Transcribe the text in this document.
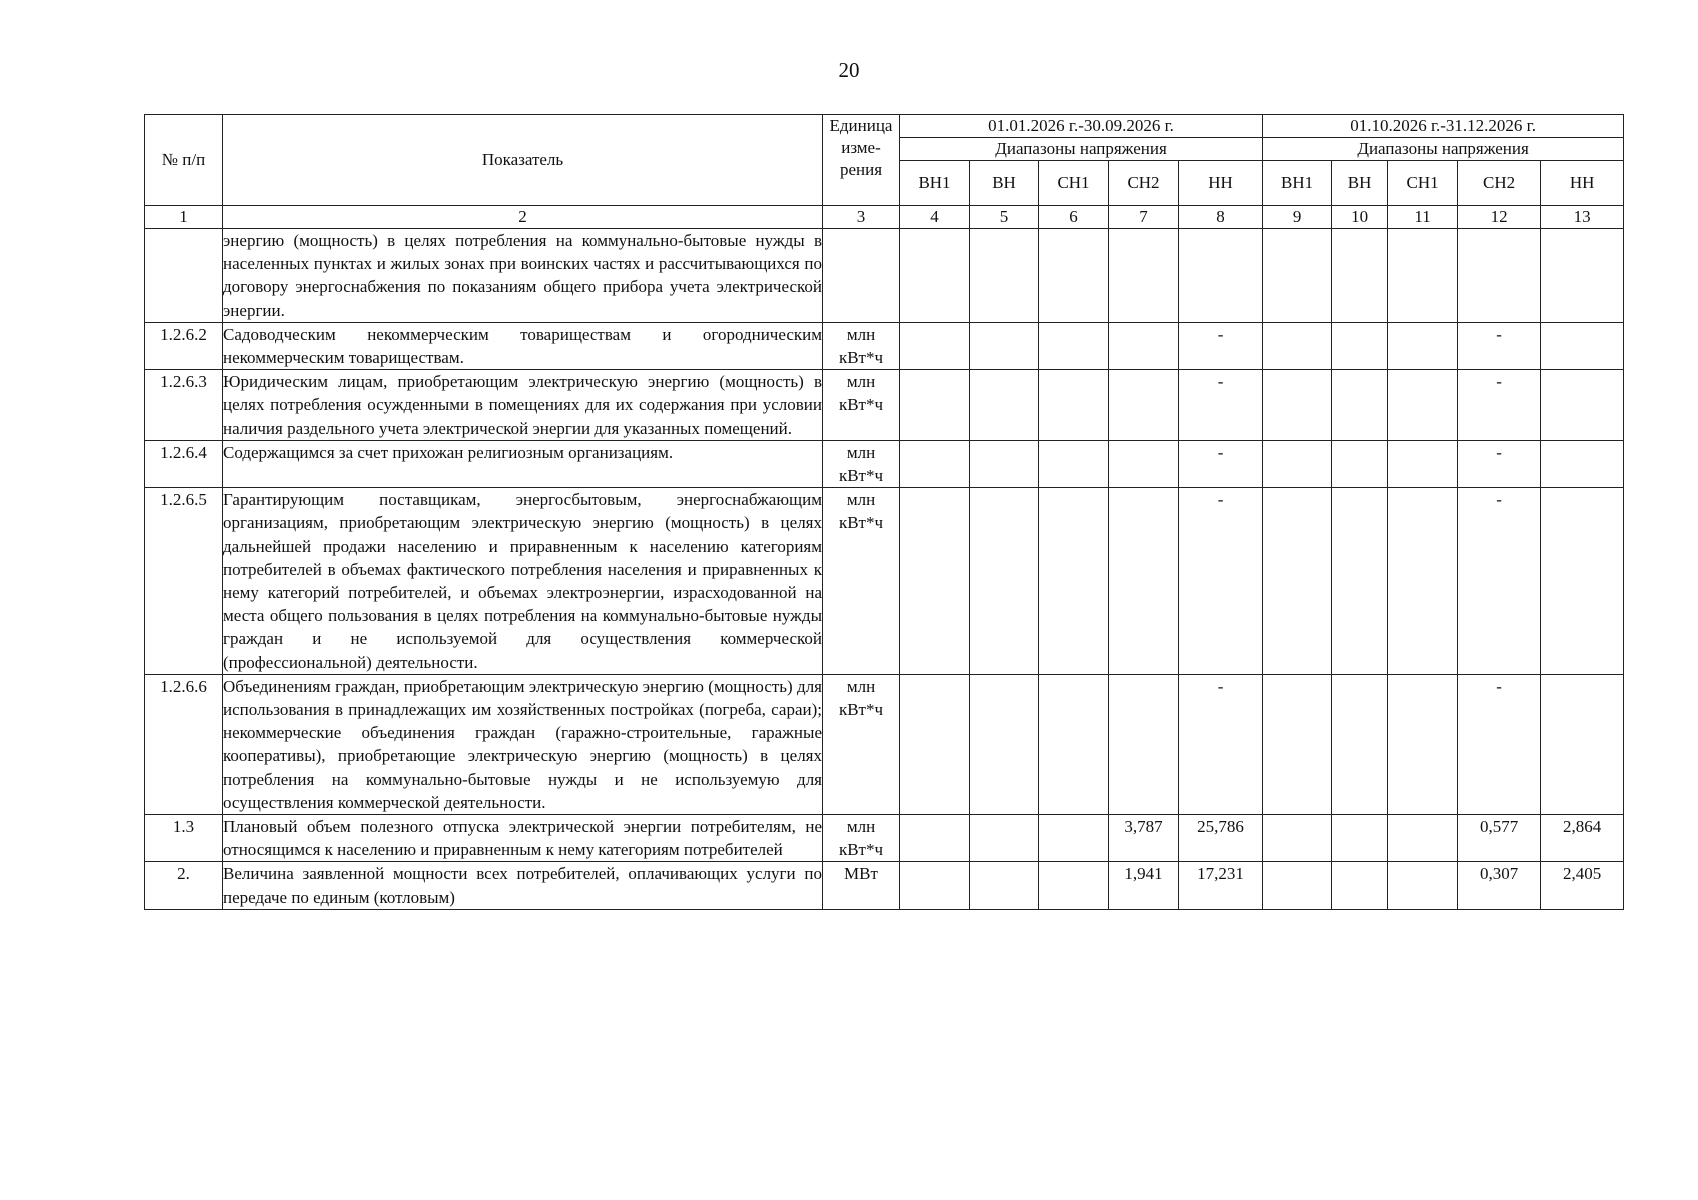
20
№ п/п	Показатель	Единица изме-рения	01.01.2026 г.-30.09.2026 г.					01.10.2026 г.-31.12.2026 г.				
			Диапазоны напряжения					Диапазоны напряжения				
			ВН1	ВН	СН1	СН2	НН	ВН1	ВН	СН1	СН2	НН
1	2	3	4	5	6	7	8	9	10	11	12	13
	энергию (мощность) в целях потребления на коммунально-бытовые нужды в населенных пунктах и жилых зонах при воинских частях и рассчитывающихся по договору энергоснабжения по показаниям общего прибора учета электрической энергии.											
1.2.6.2	Садоводческим некоммерческим товариществам и огородническим некоммерческим товариществам.	млн кВт*ч					-				-	
1.2.6.3	Юридическим лицам, приобретающим электрическую энергию (мощность) в целях потребления осужденными в помещениях для их содержания при условии наличия раздельного учета электрической энергии для указанных помещений.	млн кВт*ч					-				-	
1.2.6.4	Содержащимся за счет прихожан религиозным организациям.	млн кВт*ч					-				-	
1.2.6.5	Гарантирующим поставщикам, энергосбытовым, энергоснабжающим организациям, приобретающим электрическую энергию (мощность) в целях дальнейшей продажи населению и приравненным к населению категориям потребителей в объемах фактического потребления населения и приравненных к нему категорий потребителей, и объемах электроэнергии, израсходованной на места общего пользования в целях потребления на коммунально-бытовые нужды граждан и не используемой для осуществления коммерческой (профессиональной) деятельности.	млн кВт*ч					-				-	
1.2.6.6	Объединениям граждан, приобретающим электрическую энергию (мощность) для использования в принадлежащих им хозяйственных постройках (погреба, сараи); некоммерческие объединения граждан (гаражно-строительные, гаражные кооперативы), приобретающие электрическую энергию (мощность) в целях потребления на коммунально-бытовые нужды и не используемую для осуществления коммерческой деятельности.	млн кВт*ч					-				-	
1.3	Плановый объем полезного отпуска электрической энергии потребителям, не относящимся к населению и приравненным к нему категориям потребителей	млн кВт*ч				3,787	25,786				0,577	2,864
2.	Величина заявленной мощности всех потребителей, оплачивающих услуги по передаче по единым (котловым)	МВт				1,941	17,231				0,307	2,405
